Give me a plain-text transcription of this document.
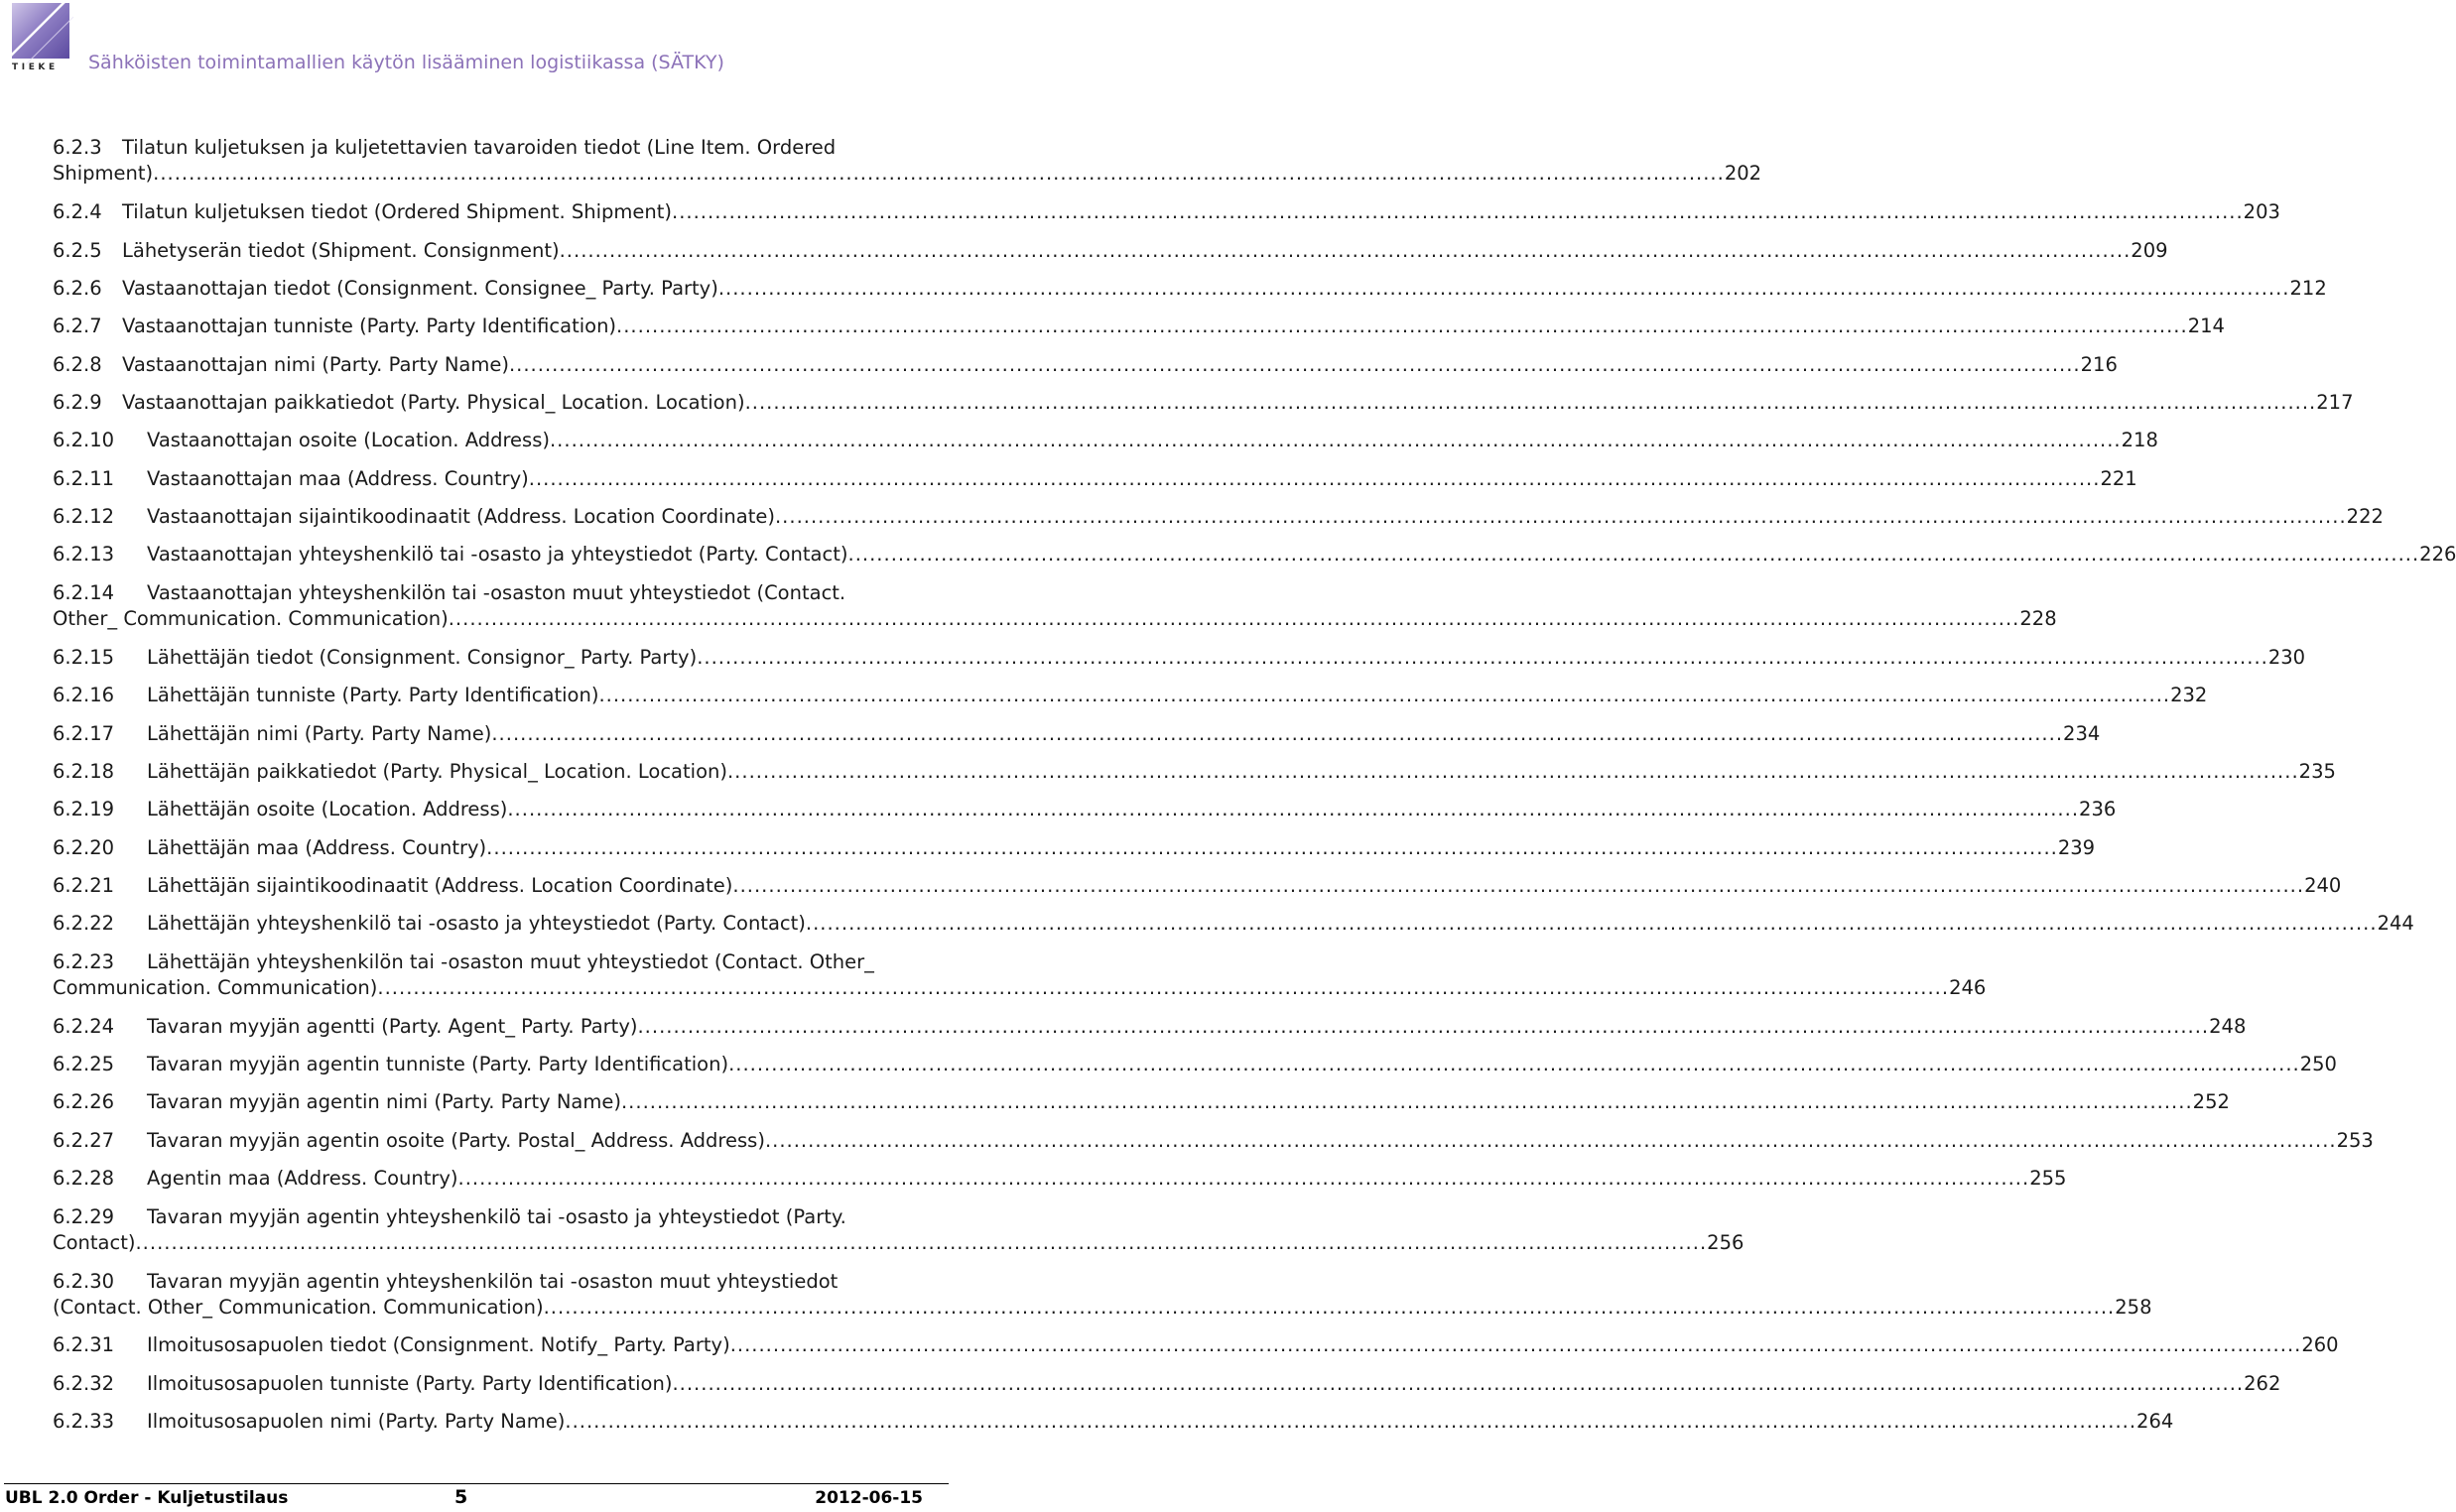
TIEKE	Sähköisten toimintamallien käytön lisääminen logistiikassa (SÄTKY)
6.2.3	Tilatun kuljetuksen ja kuljetettavien tavaroiden tiedot (Line Item. Ordered
Shipment) .....	202
6.2.4	Tilatun kuljetuksen tiedot (Ordered Shipment. Shipment) .....	203
6.2.5	Lähetyserän tiedot (Shipment. Consignment) .....	209
6.2.6	Vastaanottajan tiedot (Consignment. Consignee_ Party. Party) .....	212
6.2.7	Vastaanottajan tunniste (Party. Party Identification) .....	214
6.2.8	Vastaanottajan nimi (Party. Party Name) .....	216
6.2.9	Vastaanottajan paikkatiedot (Party. Physical_ Location. Location) .....	217
6.2.10	Vastaanottajan osoite (Location. Address) .....	218
6.2.11	Vastaanottajan maa (Address. Country) .....	221
6.2.12	Vastaanottajan sijaintikoodinaatit (Address. Location Coordinate) .....	222
6.2.13	Vastaanottajan yhteyshenkilö tai -osasto ja yhteystiedot (Party. Contact) .....	226
6.2.14	Vastaanottajan yhteyshenkilön tai -osaston muut yhteystiedot (Contact.
Other_ Communication. Communication) .....	228
6.2.15	Lähettäjän tiedot (Consignment. Consignor_ Party. Party) .....	230
6.2.16	Lähettäjän tunniste (Party. Party Identification) .....	232
6.2.17	Lähettäjän nimi (Party. Party Name) .....	234
6.2.18	Lähettäjän paikkatiedot (Party. Physical_ Location. Location) .....	235
6.2.19	Lähettäjän osoite (Location. Address) .....	236
6.2.20	Lähettäjän maa (Address. Country) .....	239
6.2.21	Lähettäjän sijaintikoodinaatit (Address. Location Coordinate) .....	240
6.2.22	Lähettäjän yhteyshenkilö tai -osasto ja yhteystiedot (Party. Contact) .....	244
6.2.23	Lähettäjän yhteyshenkilön tai -osaston muut yhteystiedot (Contact. Other_
Communication. Communication) .....	246
6.2.24	Tavaran myyjän agentti (Party. Agent_ Party. Party) .....	248
6.2.25	Tavaran myyjän agentin tunniste (Party. Party Identification) .....	250
6.2.26	Tavaran myyjän agentin nimi (Party. Party Name) .....	252
6.2.27	Tavaran myyjän agentin osoite (Party. Postal_ Address. Address) .....	253
6.2.28	Agentin maa (Address. Country) .....	255
6.2.29	Tavaran myyjän agentin yhteyshenkilö tai -osasto ja yhteystiedot (Party.
Contact) .....	256
6.2.30	Tavaran myyjän agentin yhteyshenkilön tai -osaston muut yhteystiedot
(Contact. Other_ Communication. Communication) .....	258
6.2.31	Ilmoitusosapuolen tiedot (Consignment. Notify_ Party. Party) .....	260
6.2.32	Ilmoitusosapuolen tunniste (Party. Party Identification) .....	262
6.2.33	Ilmoitusosapuolen nimi (Party. Party Name) .....	264
UBL 2.0 Order - Kuljetustilaus	5	2012-06-15
